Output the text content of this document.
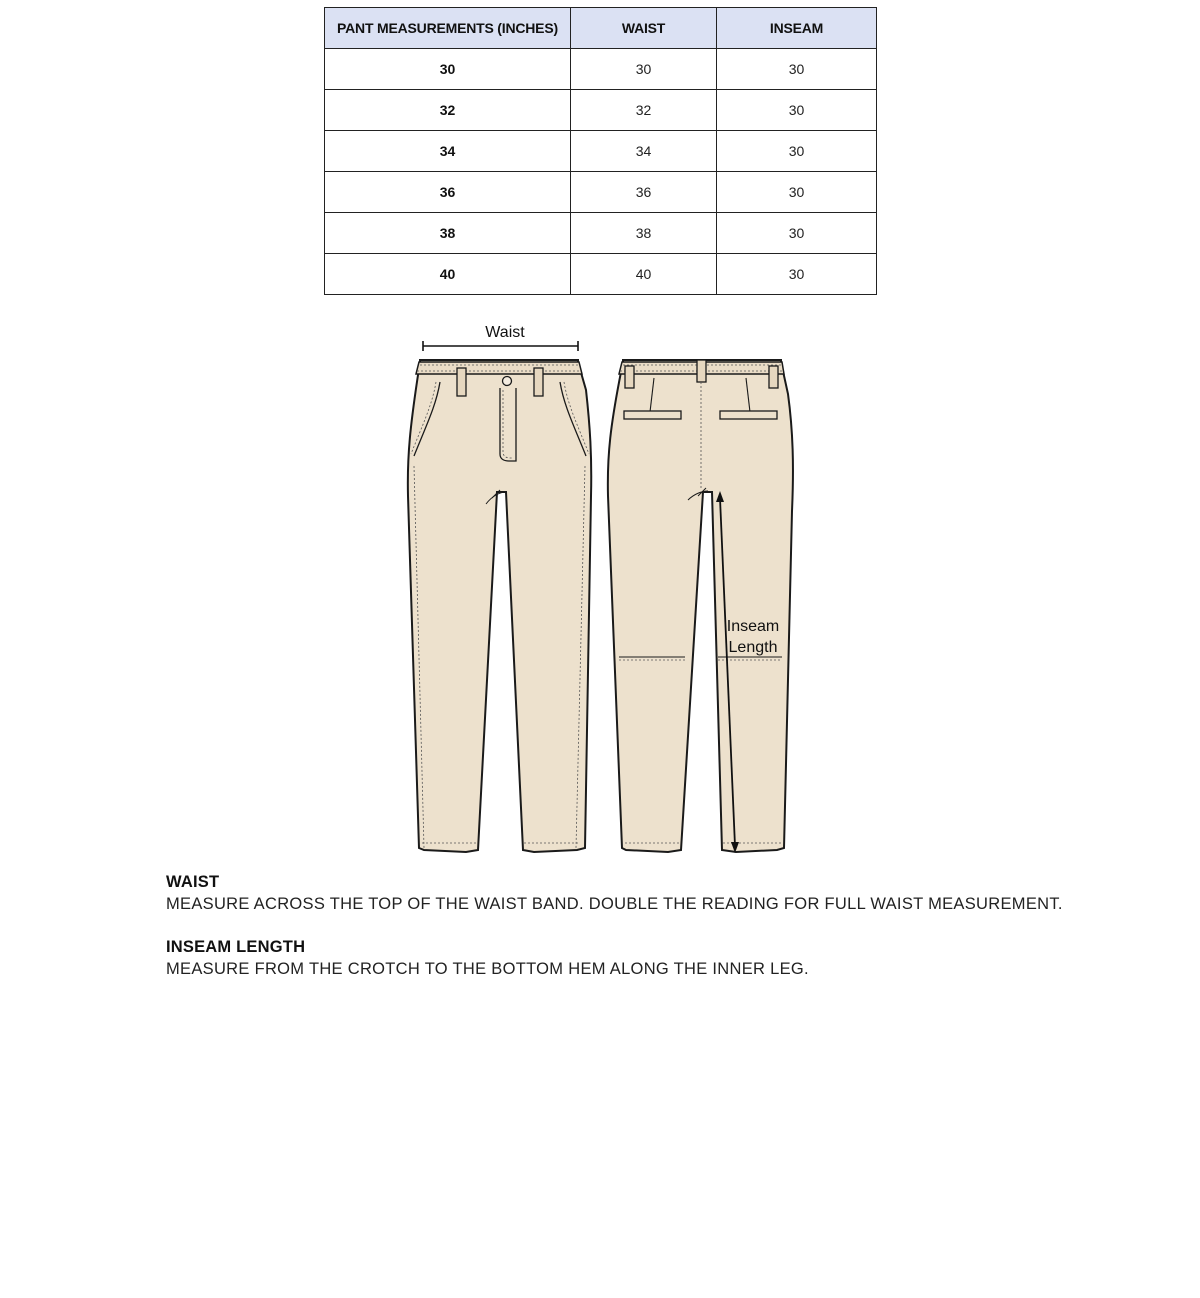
PANT MEASUREMENTS (INCHES)	WAIST	INSEAM
30	30	30
32	32	30
34	34	30
36	36	30
38	38	30
40	40	30
Waist
Inseam
Length
WAIST
MEASURE ACROSS THE TOP OF THE WAIST BAND. DOUBLE THE READING FOR FULL WAIST MEASUREMENT.
INSEAM LENGTH
MEASURE FROM THE CROTCH TO THE BOTTOM HEM ALONG THE INNER LEG.
